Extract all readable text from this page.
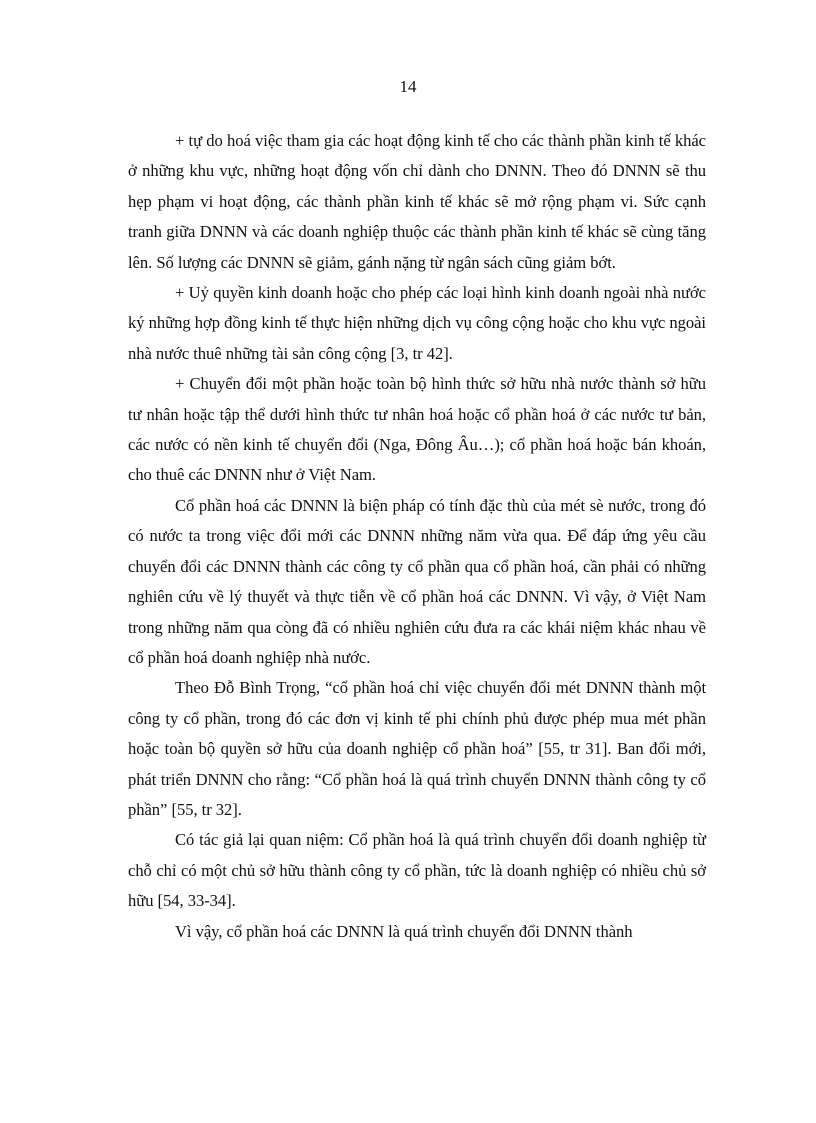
14

+ tự do hoá việc tham gia các hoạt động kinh tế cho các thành phần kinh tế khác ở những khu vực, những hoạt động vốn chỉ dành cho DNNN. Theo đó DNNN sẽ thu hẹp phạm vi hoạt động, các thành phần kinh tế khác sẽ mở rộng phạm vi. Sức cạnh tranh giữa DNNN và các doanh nghiệp thuộc các thành phần kinh tế khác sẽ cùng tăng lên. Số lượng các DNNN sẽ giảm, gánh nặng từ ngân sách cũng giảm bớt.

+ Uỷ quyền kinh doanh hoặc cho phép các loại hình kinh doanh ngoài nhà nước ký những hợp đồng kinh tế thực hiện những dịch vụ công cộng hoặc cho khu vực ngoài nhà nước thuê những tài sản công cộng [3, tr 42].

+ Chuyển đổi một phần hoặc toàn bộ hình thức sở hữu nhà nước thành sở hữu tư nhân hoặc tập thể dưới hình thức tư nhân hoá hoặc cổ phần hoá ở các nước tư bản, các nước có nền kinh tế chuyển đổi (Nga, Đông Âu…); cổ phần hoá hoặc bán khoán, cho thuê các DNNN như ở Việt Nam.

Cổ phần hoá các DNNN là biện pháp có tính đặc thù của mét sè nước, trong đó có nước ta trong việc đổi mới các DNNN những năm vừa qua. Để đáp ứng yêu cầu chuyển đổi các DNNN thành các công ty cổ phần qua cổ phần hoá, cần phải có những nghiên cứu về lý thuyết và thực tiễn về cổ phần hoá các DNNN. Vì vậy, ở Việt Nam trong những năm qua còng đã có nhiều nghiên cứu đưa ra các khái niệm khác nhau về cổ phần hoá doanh nghiệp nhà nước.

Theo Đỗ Bình Trọng, “cổ phần hoá chỉ việc chuyển đổi mét DNNN thành một công ty cổ phần, trong đó các đơn vị kinh tế phi chính phủ được phép mua mét phần hoặc toàn bộ quyền sở hữu của doanh nghiệp cổ phần hoá” [55, tr 31]. Ban đổi mới, phát triển DNNN cho rằng: “Cổ phần hoá là quá trình chuyển DNNN thành công ty cổ phần” [55, tr 32].

Có tác giả lại quan niệm: Cổ phần hoá là quá trình chuyển đổi doanh nghiệp từ chỗ chỉ có một chủ sở hữu thành công ty cổ phần, tức là doanh nghiệp có nhiều chủ sở hữu [54, 33-34].

Vì vậy, cổ phần hoá các DNNN là quá trình chuyển đổi DNNN thành
